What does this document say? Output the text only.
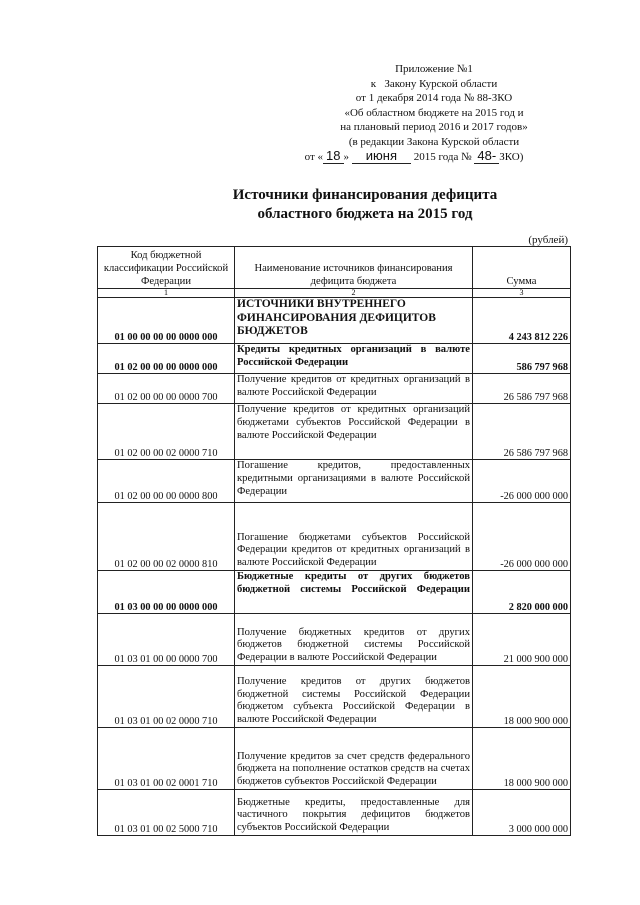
Приложение №1
к   Закону Курской области
от 1 декабря 2014 года № 88-ЗКО
«Об областном бюджете на 2015 год и
на плановый период 2016 и 2017 годов»
(в редакции Закона Курской области
от « 18 » июня 2015 года № 48- ЗКО)
Источники финансирования дефицита
областного бюджета на 2015 год
(рублей)
Код бюджетной классификации Российской Федерации	Наименование источников финансирования дефицита бюджета	Сумма
1	2	3
01 00 00 00 00 0000 000	ИСТОЧНИКИ ВНУТРЕННЕГО ФИНАНСИРОВАНИЯ ДЕФИЦИТОВ БЮДЖЕТОВ	4 243 812 226
01 02 00 00 00 0000 000	Кредиты кредитных организаций в валюте Российской Федерации	586 797 968
01 02 00 00 00 0000 700	Получение кредитов от кредитных организаций в валюте Российской Федерации	26 586 797 968
01 02 00 00 02 0000 710	Получение кредитов от кредитных организаций бюджетами субъектов Российской Федерации в валюте Российской Федерации	26 586 797 968
01 02 00 00 00 0000 800	Погашение кредитов, предоставленных кредитными организациями в валюте Российской Федерации	-26 000 000 000
01 02 00 00 02 0000 810	Погашение бюджетами субъектов Российской Федерации кредитов от кредитных организаций в валюте Российской Федерации	-26 000 000 000
01 03 00 00 00 0000 000	Бюджетные кредиты от других бюджетов бюджетной системы Российской Федерации	2 820 000 000
01 03 01 00 00 0000 700	Получение бюджетных кредитов от других бюджетов бюджетной системы Российской Федерации в валюте Российской Федерации	21 000 900 000
01 03 01 00 02 0000 710	Получение кредитов от других бюджетов бюджетной системы Российской Федерации бюджетом субъекта Российской Федерации в валюте Российской Федерации	18 000 900 000
01 03 01 00 02 0001 710	Получение кредитов за счет средств федерального бюджета на пополнение остатков средств на счетах бюджетов субъектов Российской Федерации	18 000 900 000
01 03 01 00 02 5000 710	Бюджетные кредиты, предоставленные для частичного покрытия дефицитов бюджетов субъектов Российской Федерации	3 000 000 000
